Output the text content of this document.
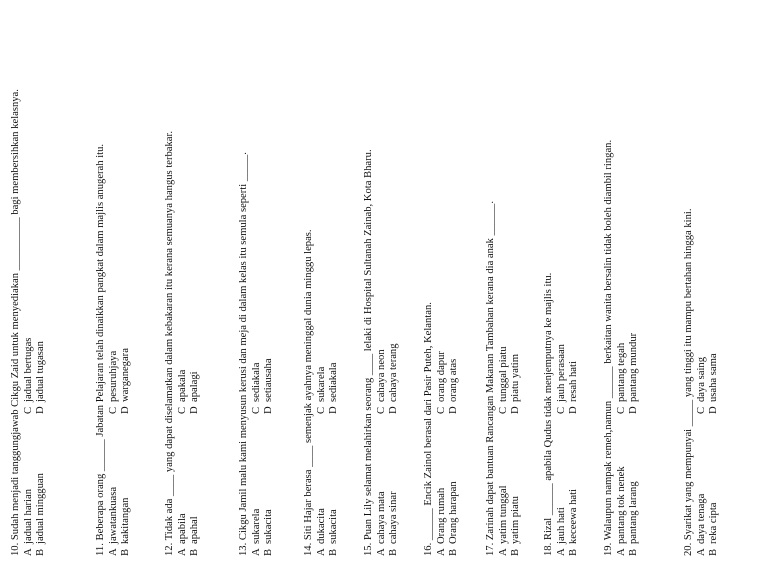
10. Sudah menjadi tanggungjawab Cikgu Zaid untuk menyediakan __________ bagi membersihkan kelasnya. A
jadual harian
C
jadual bertugas
B
jadual mingguan
D
jadual tugasan	11. Beberapa orang ______ Jabatan Pelajaran telah dinaikkan pangkat dalam majlis anugerah itu. A
jawatankuasa
C
pesuruhjaya
B
kakitangan
D
warganegara	12. Tidak ada ____ yang dapat diselamatkan dalam kebakaran itu kerana semuanya hangus terbakar. A
apabila
C
apakala
B
apahal
D
apalagi	13. Cikgu Jamil malu kami menyusun kerusi dan meja di dalam kelas itu semula seperti _____. A
sukarela
C
sediakala
B
sukacita
D
setiausaha	14. Siti Hajar berasa ____ semenjak ayahnya meninggal dunia minggu lepas. A
dukacita
C
sukarela
B
sukacita
D
sediakala 15. Puan Lily selamat melahirkan seorang ____ lelaki di Hospital Sultanah Zainab, Kota Bharu. A
cahaya mata
C
cahaya neon
B
cahaya sinar
D
cahaya terang 16. ______ Encik Zainol berasal dari Pasir Puteh, Kelantan. A
Orang rumah
C
orang dapur
B
Orang harapan
D
orang atas 17. Zarinah dapat bantuan Rancangan Makanan Tambahan kerana dia anak ______. A
yatim tunggal
C
tunggal piatu
B
yatim piatu
D
piatu yatim 18. Rizal ______ apabila Qudus tidak menjemputnya ke majlis itu. A
jauh hati
C
jauh perasaan
B
keceewa hati
D
resah hati 19. Walaupun nampak remeh,namun ______ berkaitan wanita bersalin tidak boleh diambil ringan. A
pantang tok nenek
C
pantang tegah
B
pantang larang
D
pantang mundur	20. Syarikat yang mempunyai _____ yang tinggi itu mampu bertahan hingga kini. A
daya tenaga
C
daya saing
B
reka cipta
D
usaha sama
